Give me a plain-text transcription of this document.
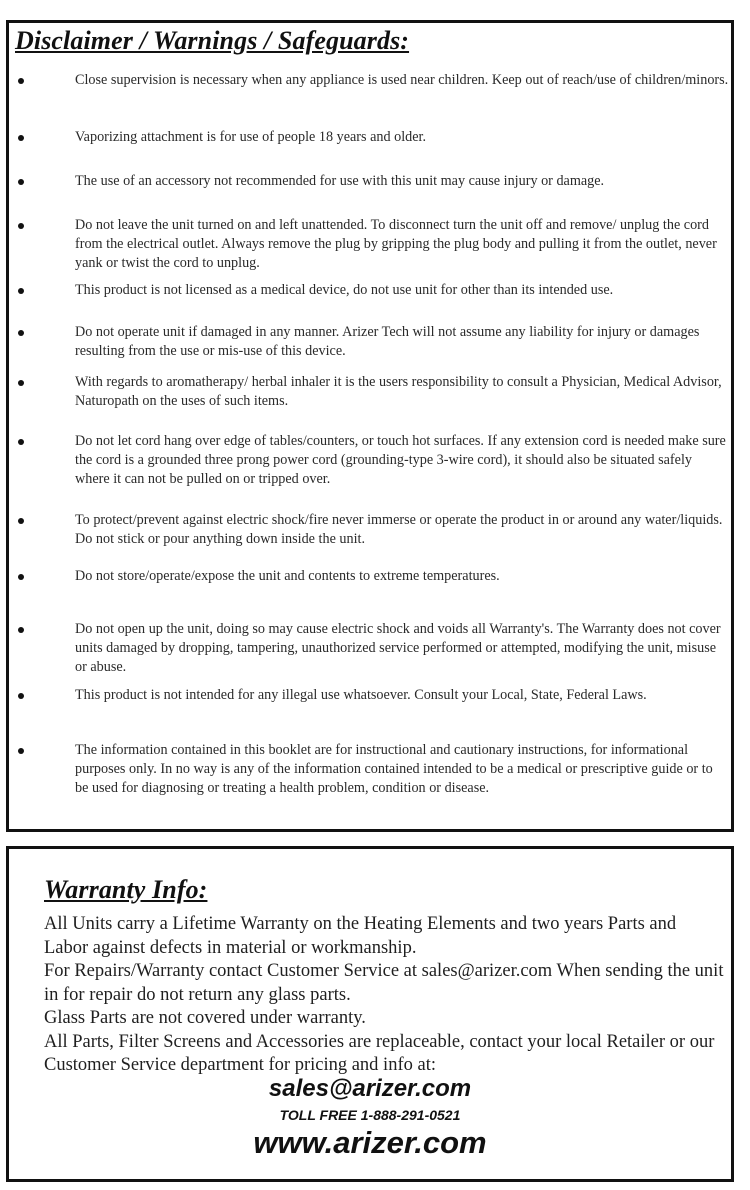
Disclaimer / Warnings / Safeguards:
Close supervision is necessary when any appliance is used near children. Keep out of reach/use of children/minors.
Vaporizing attachment is for use of people 18 years and older.
The use of an accessory not recommended for use with this unit may cause injury or damage.
Do not leave the unit turned on and left unattended. To disconnect turn the unit off and remove/ unplug the cord from the electrical outlet. Always remove the plug by gripping the plug body and pulling it from the outlet, never yank or twist the cord to unplug.
This product is not licensed as a medical device, do not use unit for other than its intended use.
Do not operate unit if damaged in any manner. Arizer Tech will not assume any liability for injury or damages resulting from the use or mis-use of this device.
With regards to aromatherapy/ herbal inhaler it is the users responsibility to consult a Physician, Medical Advisor, Naturopath on the uses of such items.
Do not let cord hang over edge of tables/counters, or touch hot surfaces. If any extension cord is needed make sure the cord is a grounded three prong power cord (grounding-type 3-wire cord), it should also be situated safely where it can not be pulled on or tripped over.
To protect/prevent against electric shock/fire never immerse or operate the product in or around any water/liquids. Do not stick or pour anything down inside the unit.
Do not store/operate/expose the unit and contents to extreme temperatures.
Do not open up the unit, doing so may cause electric shock and voids all Warranty's. The Warranty does not cover units damaged by dropping, tampering, unauthorized service performed or attempted, modifying the unit, misuse or abuse.
This product is not intended for any illegal use whatsoever. Consult your Local, State, Federal Laws.
The information contained in this booklet are for instructional and cautionary instructions, for informational purposes only. In no way is any of the information contained intended to be a medical or prescriptive guide or to be used for diagnosing or treating a health problem, condition or disease.
Warranty Info:

All Units carry a Lifetime Warranty on the Heating Elements and two years Parts and Labor against defects in material or workmanship.

For Repairs/Warranty contact Customer Service at sales@arizer.com When sending the unit in for repair do not return any glass parts.

Glass Parts are not covered under warranty.

All Parts, Filter Screens and Accessories are replaceable, contact your local Retailer or our Customer Service department for pricing and info at:

sales@arizer.com
TOLL FREE 1-888-291-0521
www.arizer.com
